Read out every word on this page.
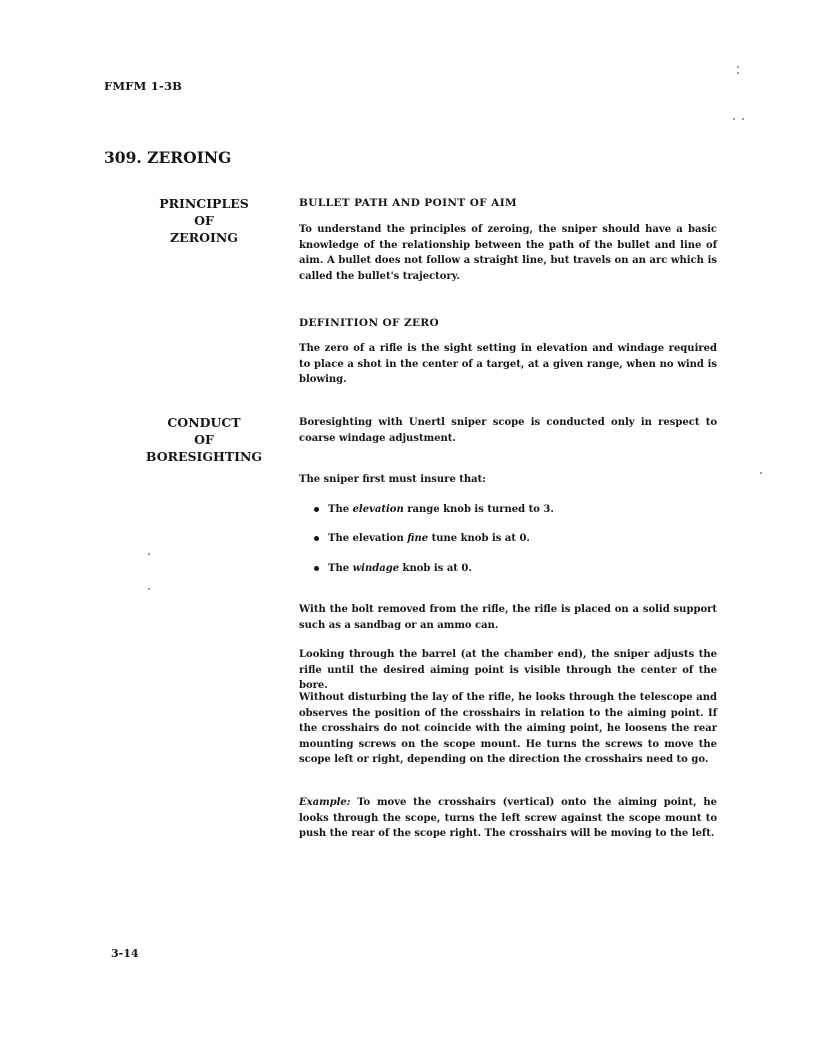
FMFM 1-3B
309. ZEROING
PRINCIPLES
OF
ZEROING
BULLET PATH AND POINT OF AIM
To understand the principles of zeroing, the sniper should have a basic knowledge of the relationship between the path of the bullet and line of aim. A bullet does not follow a straight line, but travels on an arc which is called the bullet's trajectory.
DEFINITION OF ZERO
The zero of a rifle is the sight setting in elevation and windage required to place a shot in the center of a target, at a given range, when no wind is blowing.
CONDUCT
OF
BORESIGHTING
Boresighting with Unertl sniper scope is conducted only in respect to coarse windage adjustment.
The sniper first must insure that:
The elevation range knob is turned to 3.
The elevation fine tune knob is at 0.
The windage knob is at 0.
With the bolt removed from the rifle, the rifle is placed on a solid support such as a sandbag or an ammo can.
Looking through the barrel (at the chamber end), the sniper adjusts the rifle until the desired aiming point is visible through the center of the bore.
Without disturbing the lay of the rifle, he looks through the telescope and observes the position of the crosshairs in relation to the aiming point. If the crosshairs do not coincide with the aiming point, he loosens the rear mounting screws on the scope mount. He turns the screws to move the scope left or right, depending on the direction the crosshairs need to go.
Example: To move the crosshairs (vertical) onto the aiming point, he looks through the scope, turns the left screw against the scope mount to push the rear of the scope right. The crosshairs will be moving to the left.
3-14
